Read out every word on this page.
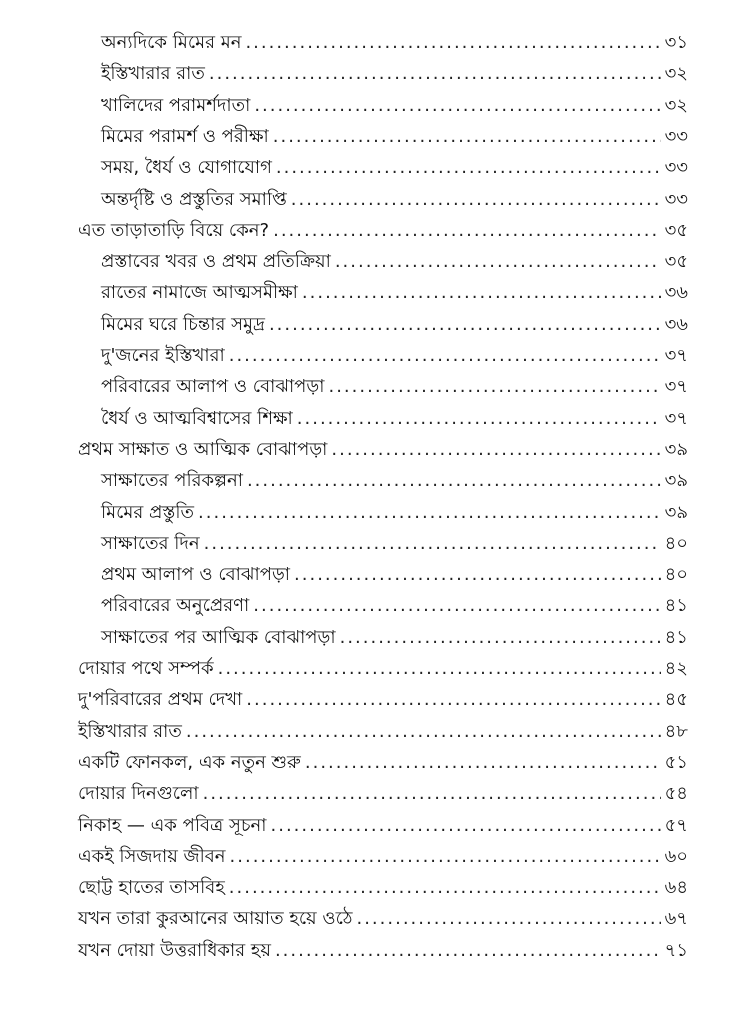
অন্যদিকে মিমের মন .....	৩১
ইস্তিখারার রাত .....	৩২
খালিদের পরামর্শদাতা .....	৩২
মিমের পরামর্শ ও পরীক্ষা .....	৩৩
সময়, ধৈর্য ও যোগাযোগ .....	৩৩
অন্তর্দৃষ্টি ও প্রস্তুতির সমাপ্তি .....	৩৩
এত তাড়াতাড়ি বিয়ে কেন? .....	৩৫
প্রস্তাবের খবর ও প্রথম প্রতিক্রিয়া .....	৩৫
রাতের নামাজে আত্মসমীক্ষা .....	৩৬
মিমের ঘরে চিন্তার সমুদ্র .....	৩৬
দু'জনের ইস্তিখারা .....	৩৭
পরিবারের আলাপ ও বোঝাপড়া .....	৩৭
ধৈর্য ও আত্মবিশ্বাসের শিক্ষা .....	৩৭
প্রথম সাক্ষাত ও আত্মিক বোঝাপড়া .....	৩৯
সাক্ষাতের পরিকল্পনা .....	৩৯
মিমের প্রস্তুতি .....	৩৯
সাক্ষাতের দিন .....	৪০
প্রথম আলাপ ও বোঝাপড়া .....	৪০
পরিবারের অনুপ্রেরণা .....	৪১
সাক্ষাতের পর আত্মিক বোঝাপড়া .....	৪১
দোয়ার পথে সম্পর্ক .....	৪২
দু'পরিবারের প্রথম দেখা .....	৪৫
ইস্তিখারার রাত .....	৪৮
একটি ফোনকল, এক নতুন শুরু .....	৫১
দোয়ার দিনগুলো .....	৫৪
নিকাহ — এক পবিত্র সূচনা .....	৫৭
একই সিজদায় জীবন .....	৬০
ছোট্ট হাতের তাসবিহ .....	৬৪
যখন তারা কুরআনের আয়াত হয়ে ওঠে .....	৬৭
যখন দোয়া উত্তরাধিকার হয় .....	৭১
